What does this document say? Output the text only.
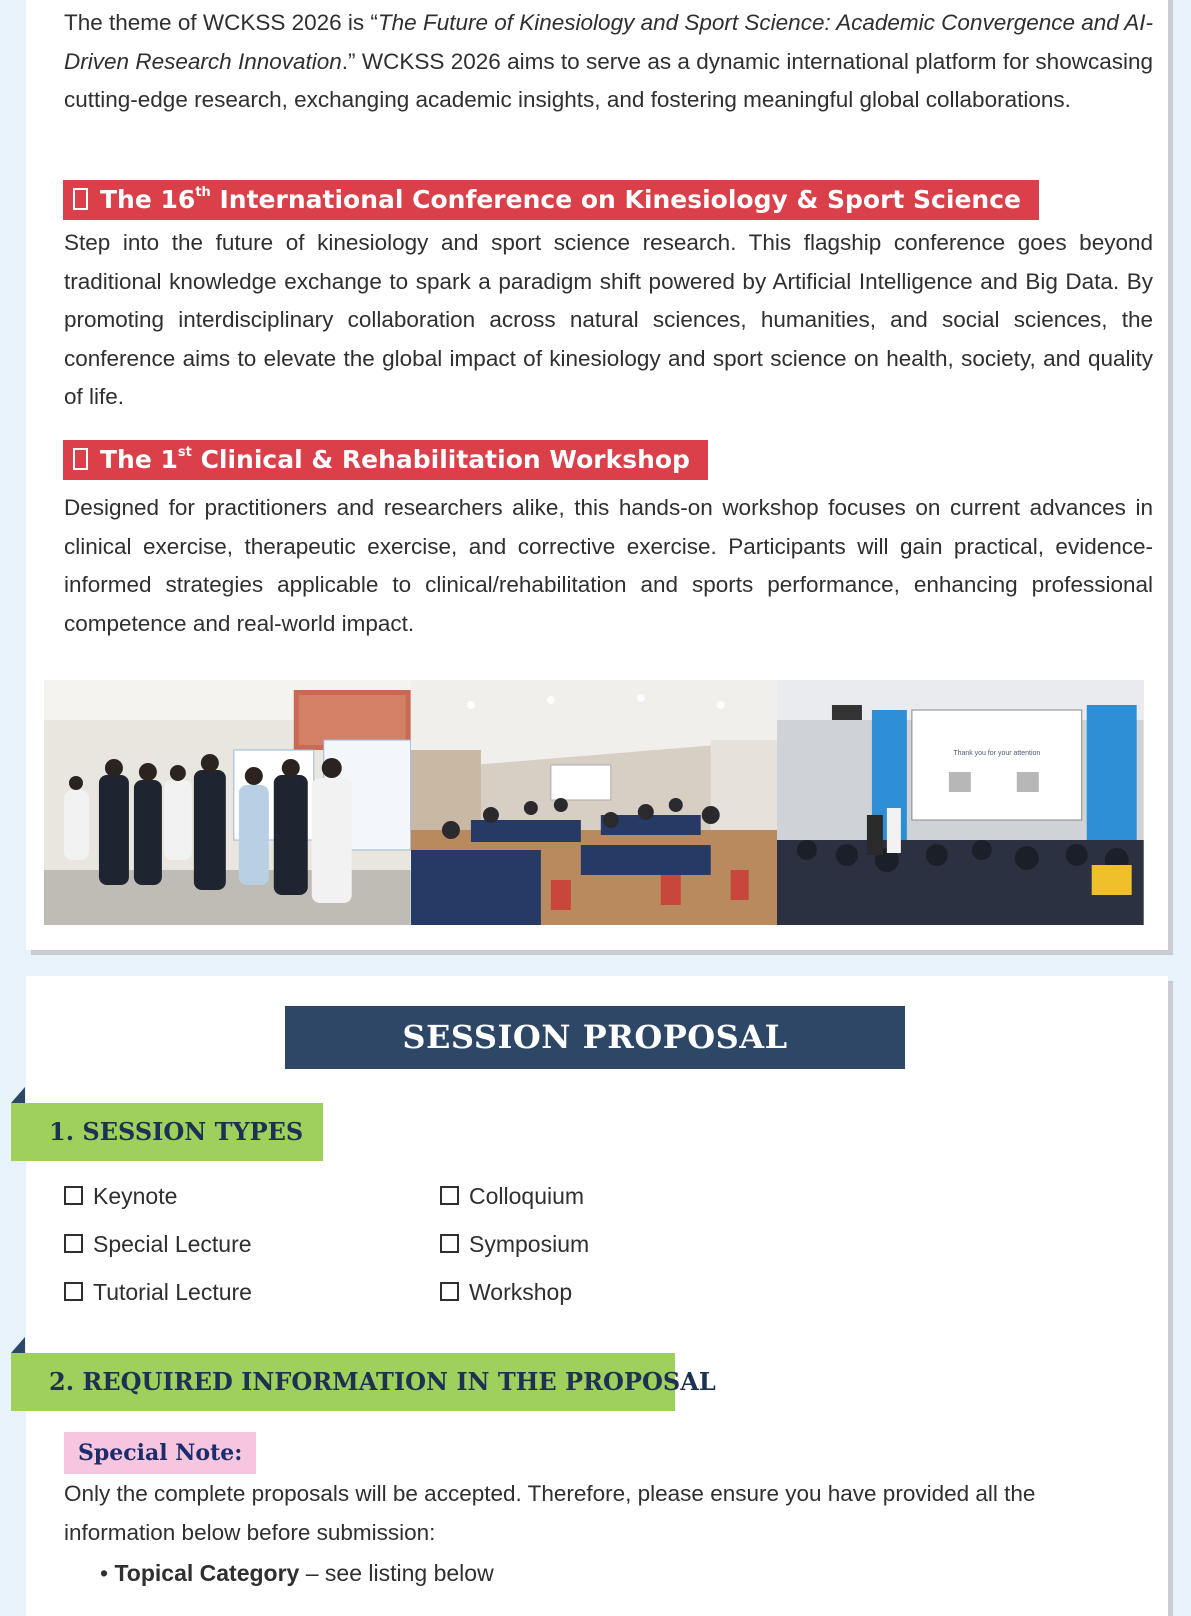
The theme of WCKSS 2026 is “The Future of Kinesiology and Sport Science: Academic Convergence and AI-Driven Research Innovation.” WCKSS 2026 aims to serve as a dynamic international platform for showcasing cutting-edge research, exchanging academic insights, and fostering meaningful global collaborations.

The 16th International Conference on Kinesiology & Sport Science

Step into the future of kinesiology and sport science research. This flagship conference goes beyond traditional knowledge exchange to spark a paradigm shift powered by Artificial Intelligence and Big Data. By promoting interdisciplinary collaboration across natural sciences, humanities, and social sciences, the conference aims to elevate the global impact of kinesiology and sport science on health, society, and quality of life.

The 1st Clinical & Rehabilitation Workshop

Designed for practitioners and researchers alike, this hands-on workshop focuses on current advances in clinical exercise, therapeutic exercise, and corrective exercise. Participants will gain practical, evidence-informed strategies applicable to clinical/rehabilitation and sports performance, enhancing professional competence and real-world impact.

Thank you for your attention
SESSION PROPOSAL GUIDELINES
1. SESSION TYPES
Keynote
Special Lecture
Tutorial Lecture
Colloquium
Symposium
Workshop
2. REQUIRED INFORMATION IN THE PROPOSAL
Special Note:

Only the complete proposals will be accepted. Therefore, please ensure you have provided all the information below before submission:

• Topical Category – see listing below
